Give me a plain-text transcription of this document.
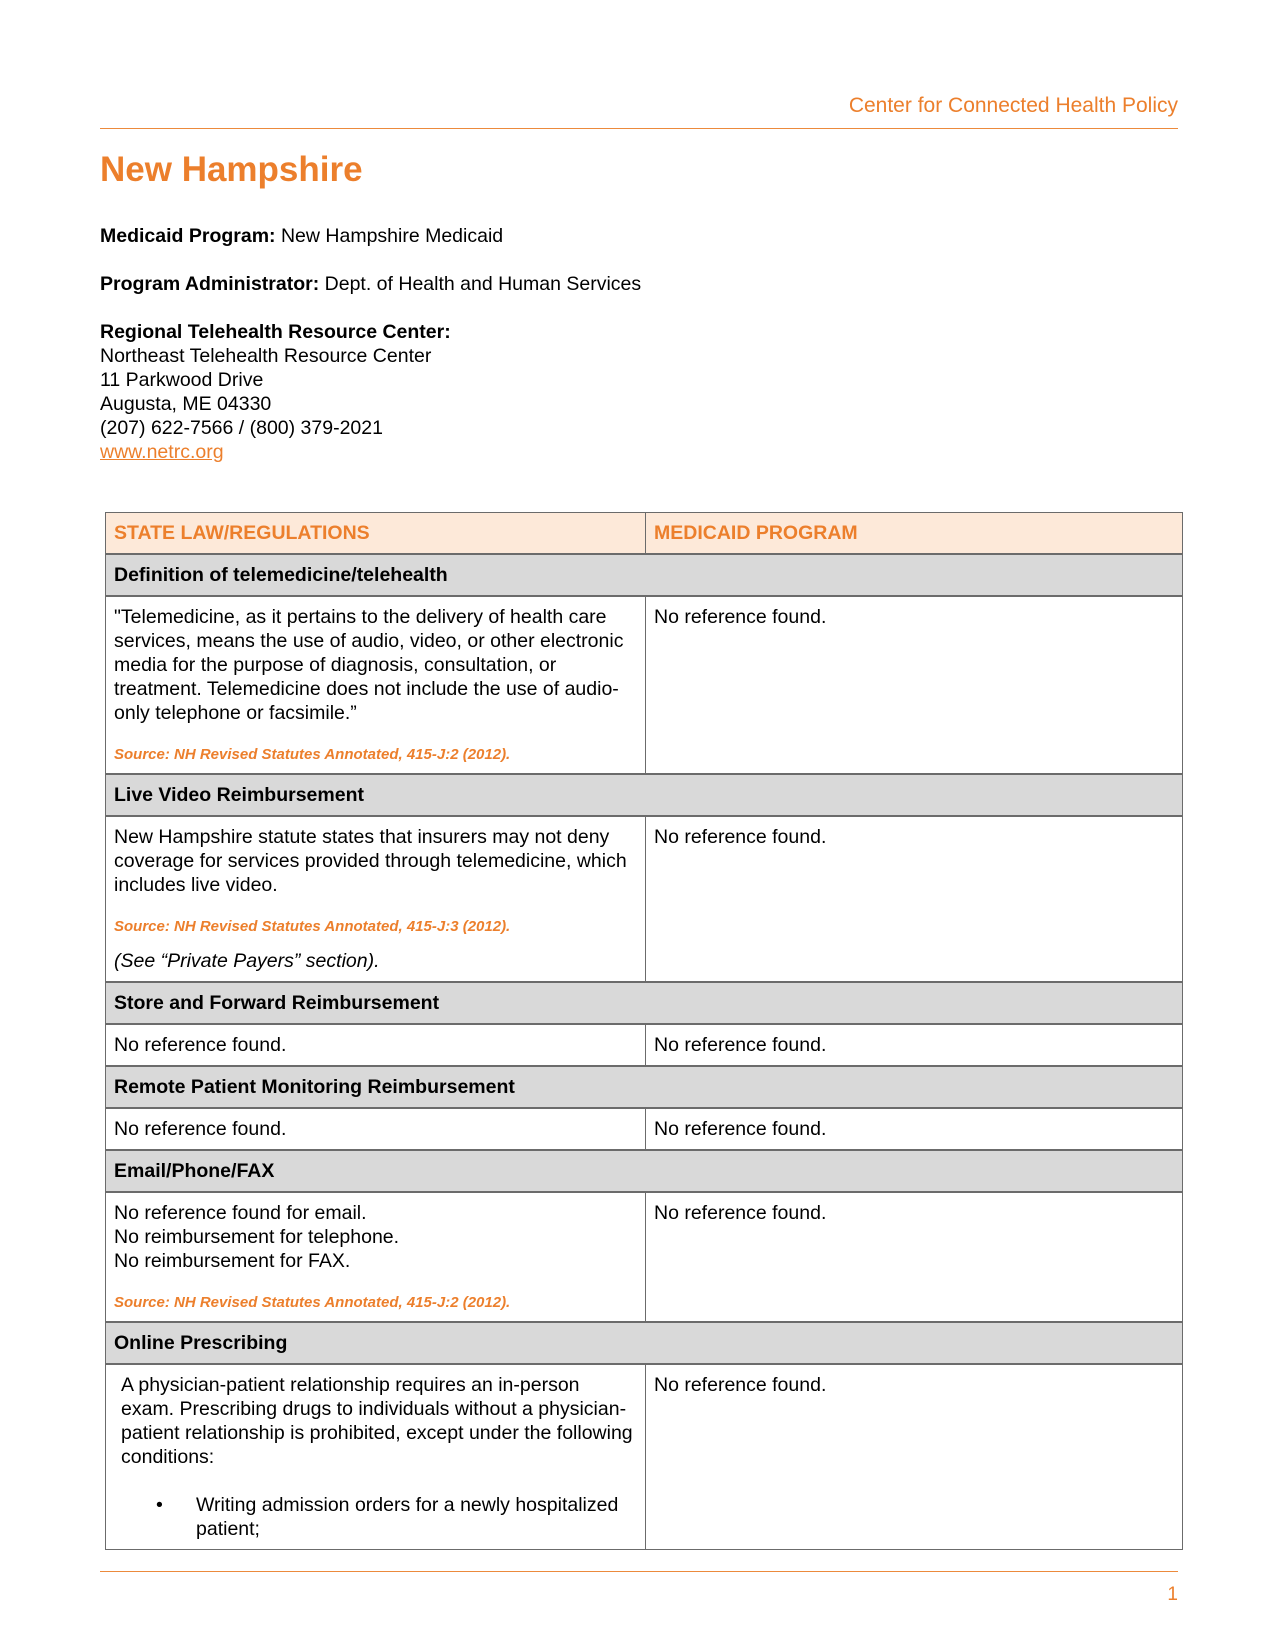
Center for Connected Health Policy
New Hampshire
Medicaid Program: New Hampshire Medicaid
Program Administrator: Dept. of Health and Human Services
Regional Telehealth Resource Center:
Northeast Telehealth Resource Center
11 Parkwood Drive
Augusta, ME 04330
(207) 622-7566 / (800) 379-2021
www.netrc.org
STATE LAW/REGULATIONS	MEDICAID PROGRAM
Definition of telemedicine/telehealth	

"Telemedicine, as it pertains to the delivery of health care services, means the use of audio, video, or other electronic media for the purpose of diagnosis, consultation, or treatment. Telemedicine does not include the use of audio-only telephone or facsimile.”

Source: NH Revised Statutes Annotated, 415-J:2 (2012).	No reference found.
Live Video Reimbursement	

New Hampshire statute states that insurers may not deny coverage for services provided through telemedicine, which includes live video.

Source: NH Revised Statutes Annotated, 415-J:3 (2012).

(See “Private Payers” section).	No reference found.
Store and Forward Reimbursement	
No reference found.	No reference found.
Remote Patient Monitoring Reimbursement	
No reference found.	No reference found.
Email/Phone/FAX	

No reference found for email.

No reimbursement for telephone.

No reimbursement for FAX.

Source: NH Revised Statutes Annotated, 415-J:2 (2012).	No reference found.
Online Prescribing	

A physician-patient relationship requires an in-person exam. Prescribing drugs to individuals without a physician-patient relationship is prohibited, except under the following conditions:

• Writing admission orders for a newly hospitalized patient;
	No reference found.
1
